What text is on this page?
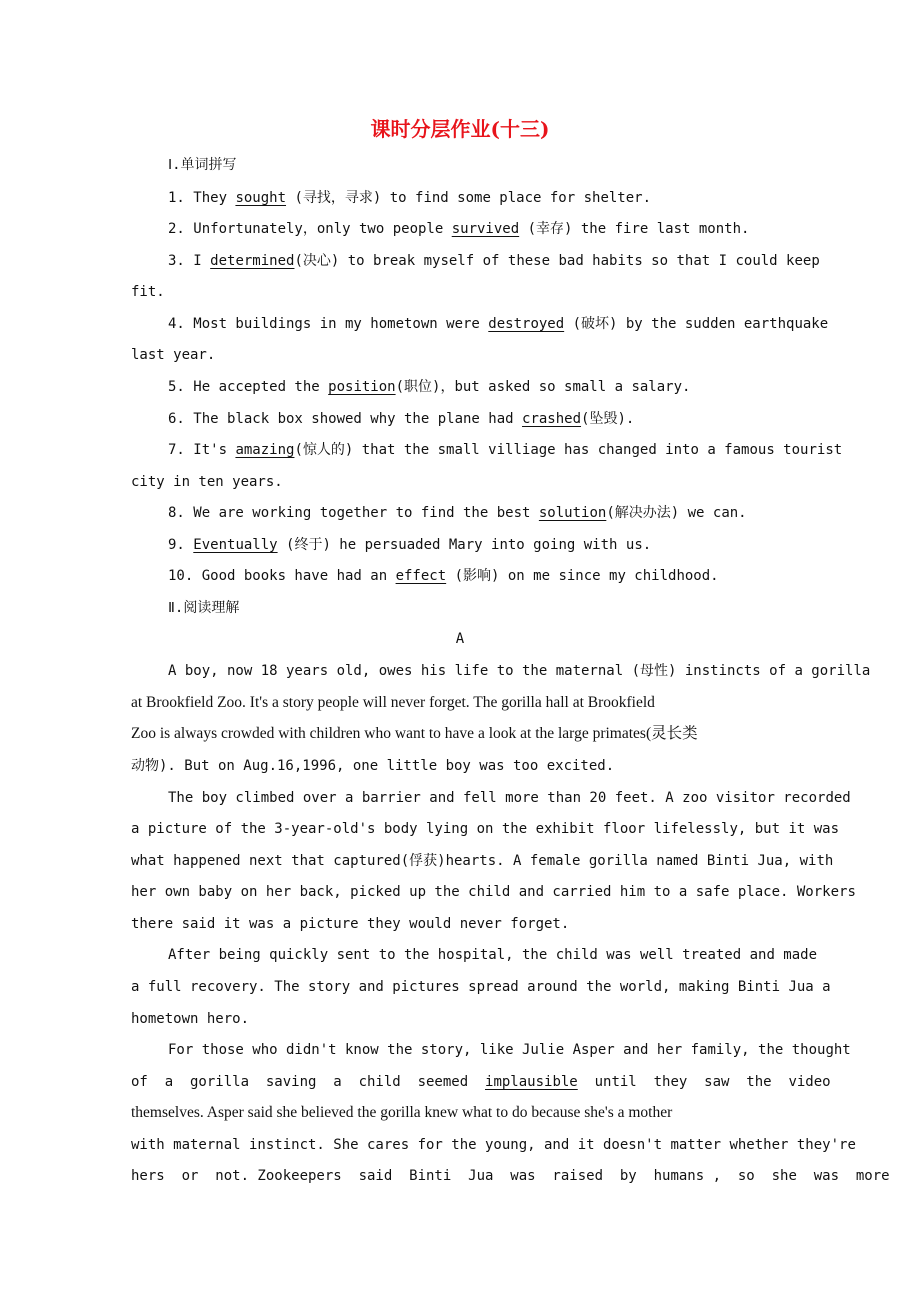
课时分层作业(十三)
Ⅰ.单词拼写
1. They sought (寻找，寻求) to find some place for shelter.
2. Unfortunately，only two people survived (幸存) the fire last month.
3. I determined(决心) to break myself of these bad habits so that I could keep
fit.
4. Most buildings in my hometown were destroyed (破坏) by the sudden earthquake
last year.
5. He accepted the position(职位)，but asked so small a salary.
6. The black box showed why the plane had crashed(坠毁).
7. It's amazing(惊人的) that the small villiage has changed into a famous tourist
city in ten years.
8. We are working together to find the best solution(解决办法) we can.
9. Eventually (终于) he persuaded Mary into going with us.
10. Good books have had an effect (影响) on me since my childhood.
Ⅱ.阅读理解
A
A boy, now 18 years old, owes his life to the maternal (母性) instincts of a gorilla
at Brookfield Zoo. It's a story people will never forget. The gorilla hall at Brookfield
Zoo is always crowded with children who want to have a look at the large primates(灵长类
动物). But on Aug.16,1996, one little boy was too excited.
The boy climbed over a barrier and fell more than 20 feet. A zoo visitor recorded
a picture of the 3-year-old's body lying on the exhibit floor lifelessly, but it was
what happened next that captured(俘获)hearts. A female gorilla named Binti Jua, with
her own baby on her back, picked up the child and carried him to a safe place. Workers
there said it was a picture they would never forget.
After being quickly sent to the hospital, the child was well treated and made
a full recovery. The story and pictures spread around the world, making Binti Jua a
hometown hero.
For those who didn't know the story, like Julie Asper and her family, the thought
of  a  gorilla  saving  a  child  seemed  implausible  until  they  saw  the  video
themselves. Asper said she believed the gorilla knew what to do because she's a mother
with maternal instinct. She cares for the young, and it doesn't matter whether they're
hers  or  not. Zookeepers  said  Binti  Jua  was  raised  by  humans ,  so  she  was  more
